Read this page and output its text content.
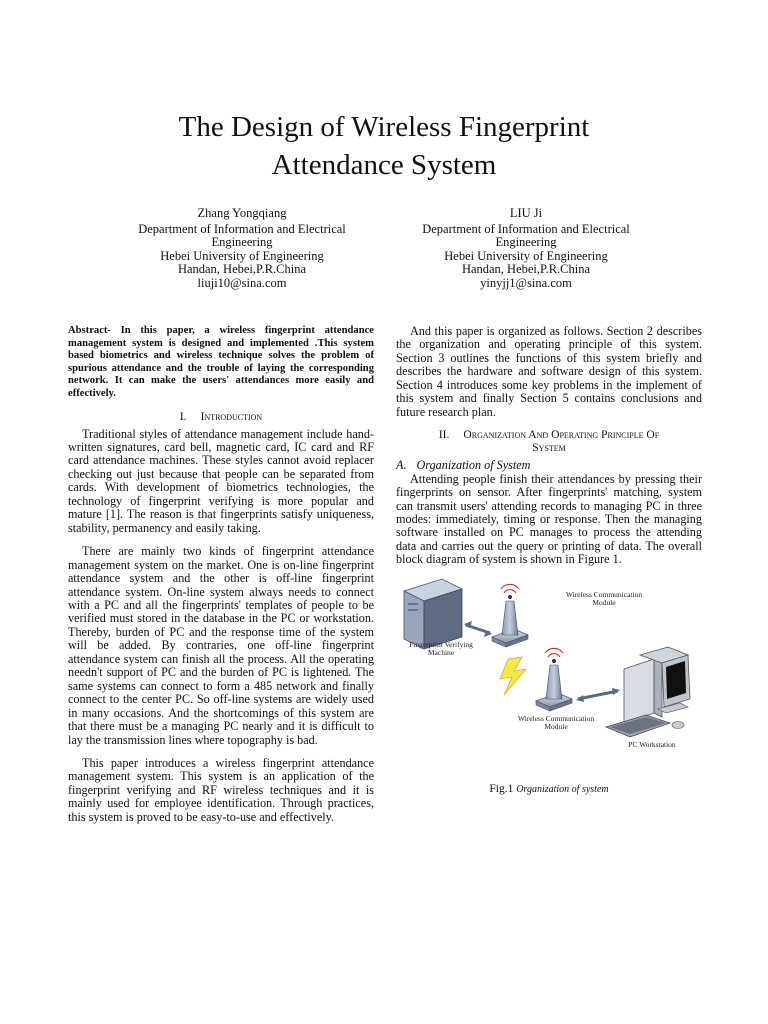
The Design of Wireless Fingerprint
Attendance System
Zhang Yongqiang
Department of Information and Electrical
Engineering
Hebei University of Engineering
Handan, Hebei,P.R.China
liuji10@sina.com
LIU Ji
Department of Information and Electrical
Engineering
Hebei University of Engineering
Handan, Hebei,P.R.China
yinyjj1@sina.com

Abstract- In this paper, a wireless fingerprint attendance management system is designed and implemented .This system based biometrics and wireless technique solves the problem of spurious attendance and the trouble of laying the corresponding network. It can make the users' attendances more easily and effectively.

I. Introduction

Traditional styles of attendance management include hand-written signatures, card bell, magnetic card, IC card and RF card attendance machines. These styles cannot avoid replacer checking out just because that people can be separated from cards. With development of biometrics technologies, the technology of fingerprint verifying is more popular and mature [1]. The reason is that fingerprints satisfy uniqueness, stability, permanency and easily taking.

There are mainly two kinds of fingerprint attendance management system on the market. One is on-line fingerprint attendance system and the other is off-line fingerprint attendance system. On-line system always needs to connect with a PC and all the fingerprints' templates of people to be verified must stored in the database in the PC or workstation. Thereby, burden of PC and the response time of the system will be added. By contraries, one off-line fingerprint attendance system can finish all the process. All the operating needn't support of PC and the burden of PC is lightened. The same systems can connect to form a 485 network and finally connect to the center PC. So off-line systems are widely used in many occasions. And the shortcomings of this system are that there must be a managing PC nearly and it is difficult to lay the transmission lines where topography is bad.

This paper introduces a wireless fingerprint attendance management system. This system is an application of the fingerprint verifying and RF wireless techniques and it is mainly used for employee identification. Through practices, this system is proved to be easy-to-use and effectively.

And this paper is organized as follows. Section 2 describes the organization and operating principle of this system. Section 3 outlines the functions of this system briefly and describes the hardware and software design of this system. Section 4 introduces some key problems in the implement of this system and finally Section 5 contains conclusions and future research plan.

II. Organization And Operating Principle Of
System

A. Organization of System

Attending people finish their attendances by pressing their fingerprints on sensor. After fingerprints' matching, system can transmit users' attending records to managing PC in three modes: immediately, timing or response. Then the managing software installed on PC manages to process the attending data and carries out the query or printing of data. The overall block diagram of system is shown in Figure 1.

Wireless Communication
Module
Fingerprint Verifying
Machine
Wireless Communication
Module
PC Workstation
Fig.1 Organization of system
